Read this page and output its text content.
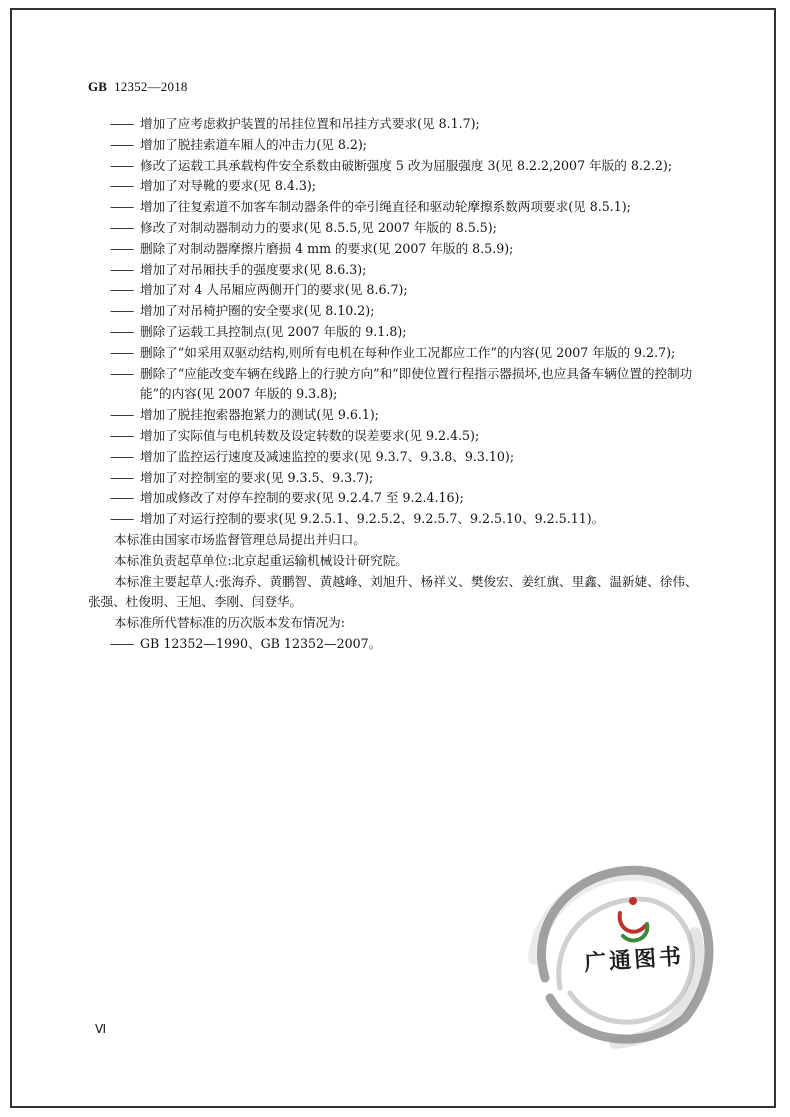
GB 12352—2018
—— 增加了应考虑救护装置的吊挂位置和吊挂方式要求(见 8.1.7);
—— 增加了脱挂索道车厢人的冲击力(见 8.2);
—— 修改了运载工具承载构件安全系数由破断强度 5 改为屈服强度 3(见 8.2.2,2007 年版的 8.2.2);
—— 增加了对导靴的要求(见 8.4.3);
—— 增加了往复索道不加客车制动器条件的牵引绳直径和驱动轮摩擦系数两项要求(见 8.5.1);
—— 修改了对制动器制动力的要求(见 8.5.5,见 2007 年版的 8.5.5);
—— 删除了对制动器摩擦片磨损 4 mm 的要求(见 2007 年版的 8.5.9);
—— 增加了对吊厢扶手的强度要求(见 8.6.3);
—— 增加了对 4 人吊厢应两侧开门的要求(见 8.6.7);
—— 增加了对吊椅护圈的安全要求(见 8.10.2);
—— 删除了运载工具控制点(见 2007 年版的 9.1.8);
—— 删除了“如采用双驱动结构,则所有电机在每种作业工况都应工作”的内容(见 2007 年版的 9.2.7);
—— 删除了“应能改变车辆在线路上的行驶方向”和“即使位置行程指示器损坏,也应具备车辆位置的控制功能”的内容(见 2007 年版的 9.3.8);
—— 增加了脱挂抱索器抱紧力的测试(见 9.6.1);
—— 增加了实际值与电机转数及设定转数的误差要求(见 9.2.4.5);
—— 增加了监控运行速度及减速监控的要求(见 9.3.7、9.3.8、9.3.10);
—— 增加了对控制室的要求(见 9.3.5、9.3.7);
—— 增加或修改了对停车控制的要求(见 9.2.4.7 至 9.2.4.16);
—— 增加了对运行控制的要求(见 9.2.5.1、9.2.5.2、9.2.5.7、9.2.5.10、9.2.5.11)。
本标准由国家市场监督管理总局提出并归口。
本标准负责起草单位:北京起重运输机械设计研究院。
本标准主要起草人:张海乔、黄鹏智、黄越峰、刘旭升、杨祥义、樊俊宏、姜红旗、里鑫、温新婕、徐伟、张强、杜俊明、王旭、李刚、闫登华。
本标准所代替标准的历次版本发布情况为:
—— GB 12352—1990、GB 12352—2007。
广通图书
Ⅵ
